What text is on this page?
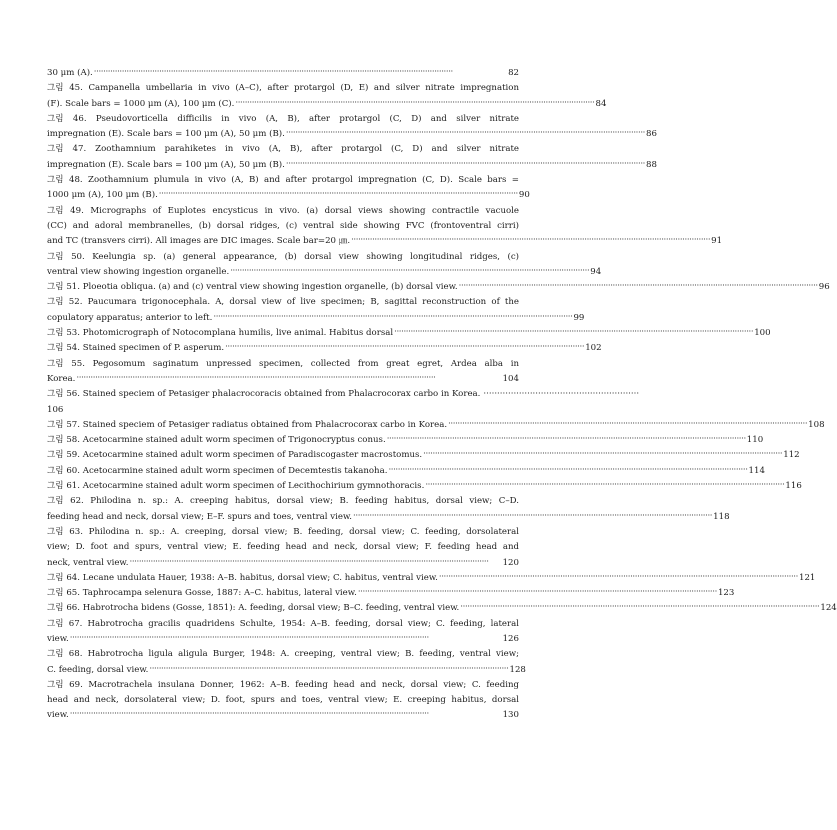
30 μm (A). ·····	82
그림 45. Campanella umbellaria in vivo (A–C), after protargol (D, E) and silver nitrate impregnation
(F). Scale bars = 1000 μm (A), 100 μm (C). ·····	84
그림 46. Pseudovorticella difficilis in vivo (A, B), after protargol (C, D) and silver nitrate
impregnation (E). Scale bars = 100 μm (A), 50 μm (B). ·····	86
그림 47. Zoothamnium parahiketes in vivo (A, B), after protargol (C, D) and silver nitrate
impregnation (E). Scale bars = 100 μm (A), 50 μm (B). ·····	88
그림 48. Zoothamnium plumula in vivo (A, B) and after protargol impregnation (C, D). Scale bars =
1000 μm (A), 100 μm (B). ·····	90
그림 49. Micrographs of Euplotes encysticus in vivo. (a) dorsal views showing contractile vacuole
(CC) and adoral membranelles, (b) dorsal ridges, (c) ventral side showing FVC (frontoventral cirri)
and TC (transvers cirri). All images are DIC images. Scale bar=20 ㎛. ·····	91
그림 50. Keelungia sp. (a) general appearance, (b) dorsal view showing longitudinal ridges, (c)
ventral view showing ingestion organelle. ·····	94
그림 51. Ploeotia obliqua. (a) and (c) ventral view showing ingestion organelle, (b) dorsal view. ·····	96
그림 52. Paucumara trigonocephala. A, dorsal view of live specimen; B, sagittal reconstruction of the
copulatory apparatus; anterior to left. ·····	99
그림 53. Photomicrograph of Notocomplana humilis, live animal. Habitus dorsal ·····	100
그림 54. Stained specimen of P. asperum. ·····	102
그림 55. Pegosomum saginatum unpressed specimen, collected from great egret, Ardea alba in
Korea. ·····	104
그림 56. Stained speciem of Petasiger phalacrocoracis obtained from Phalacrocorax carbo in Korea. ·························································
106
그림 57. Stained speciem of Petasiger radiatus obtained from Phalacrocorax carbo in Korea. ·····	108
그림 58. Acetocarmine stained adult worm specimen of Trigonocryptus conus. ·····	110
그림 59. Acetocarmine stained adult worm specimen of Paradiscogaster macrostomus. ·····	112
그림 60. Acetocarmine stained adult worm specimen of Decemtestis takanoha. ·····	114
그림 61. Acetocarmine stained adult worm specimen of Lecithochirium gymnothoracis. ·····	116
그림 62. Philodina n. sp.: A. creeping habitus, dorsal view; B. feeding habitus, dorsal view; C–D.
feeding head and neck, dorsal view; E–F. spurs and toes, ventral view. ·····	118
그림 63. Philodina n. sp.: A. creeping, dorsal view; B. feeding, dorsal view; C. feeding, dorsolateral
view; D. foot and spurs, ventral view; E. feeding head and neck, dorsal view; F. feeding head and
neck, ventral view. ·····	120
그림 64. Lecane undulata Hauer, 1938: A–B. habitus, dorsal view; C. habitus, ventral view. ·····	121
그림 65. Taphrocampa selenura Gosse, 1887: A–C. habitus, lateral view. ·····	123
그림 66. Habrotrocha bidens (Gosse, 1851): A. feeding, dorsal view; B–C. feeding, ventral view. ·····	124
그림 67. Habrotrocha gracilis quadridens Schulte, 1954: A–B. feeding, dorsal view; C. feeding, lateral
view. ·····	126
그림 68. Habrotrocha ligula aligula Burger, 1948: A. creeping, ventral view; B. feeding, ventral view;
C. feeding, dorsal view. ·····	128
그림 69. Macrotrachela insulana Donner, 1962: A–B. feeding head and neck, dorsal view; C. feeding
head and neck, dorsolateral view; D. foot, spurs and toes, ventral view; E. creeping habitus, dorsal
view. ·····	130
